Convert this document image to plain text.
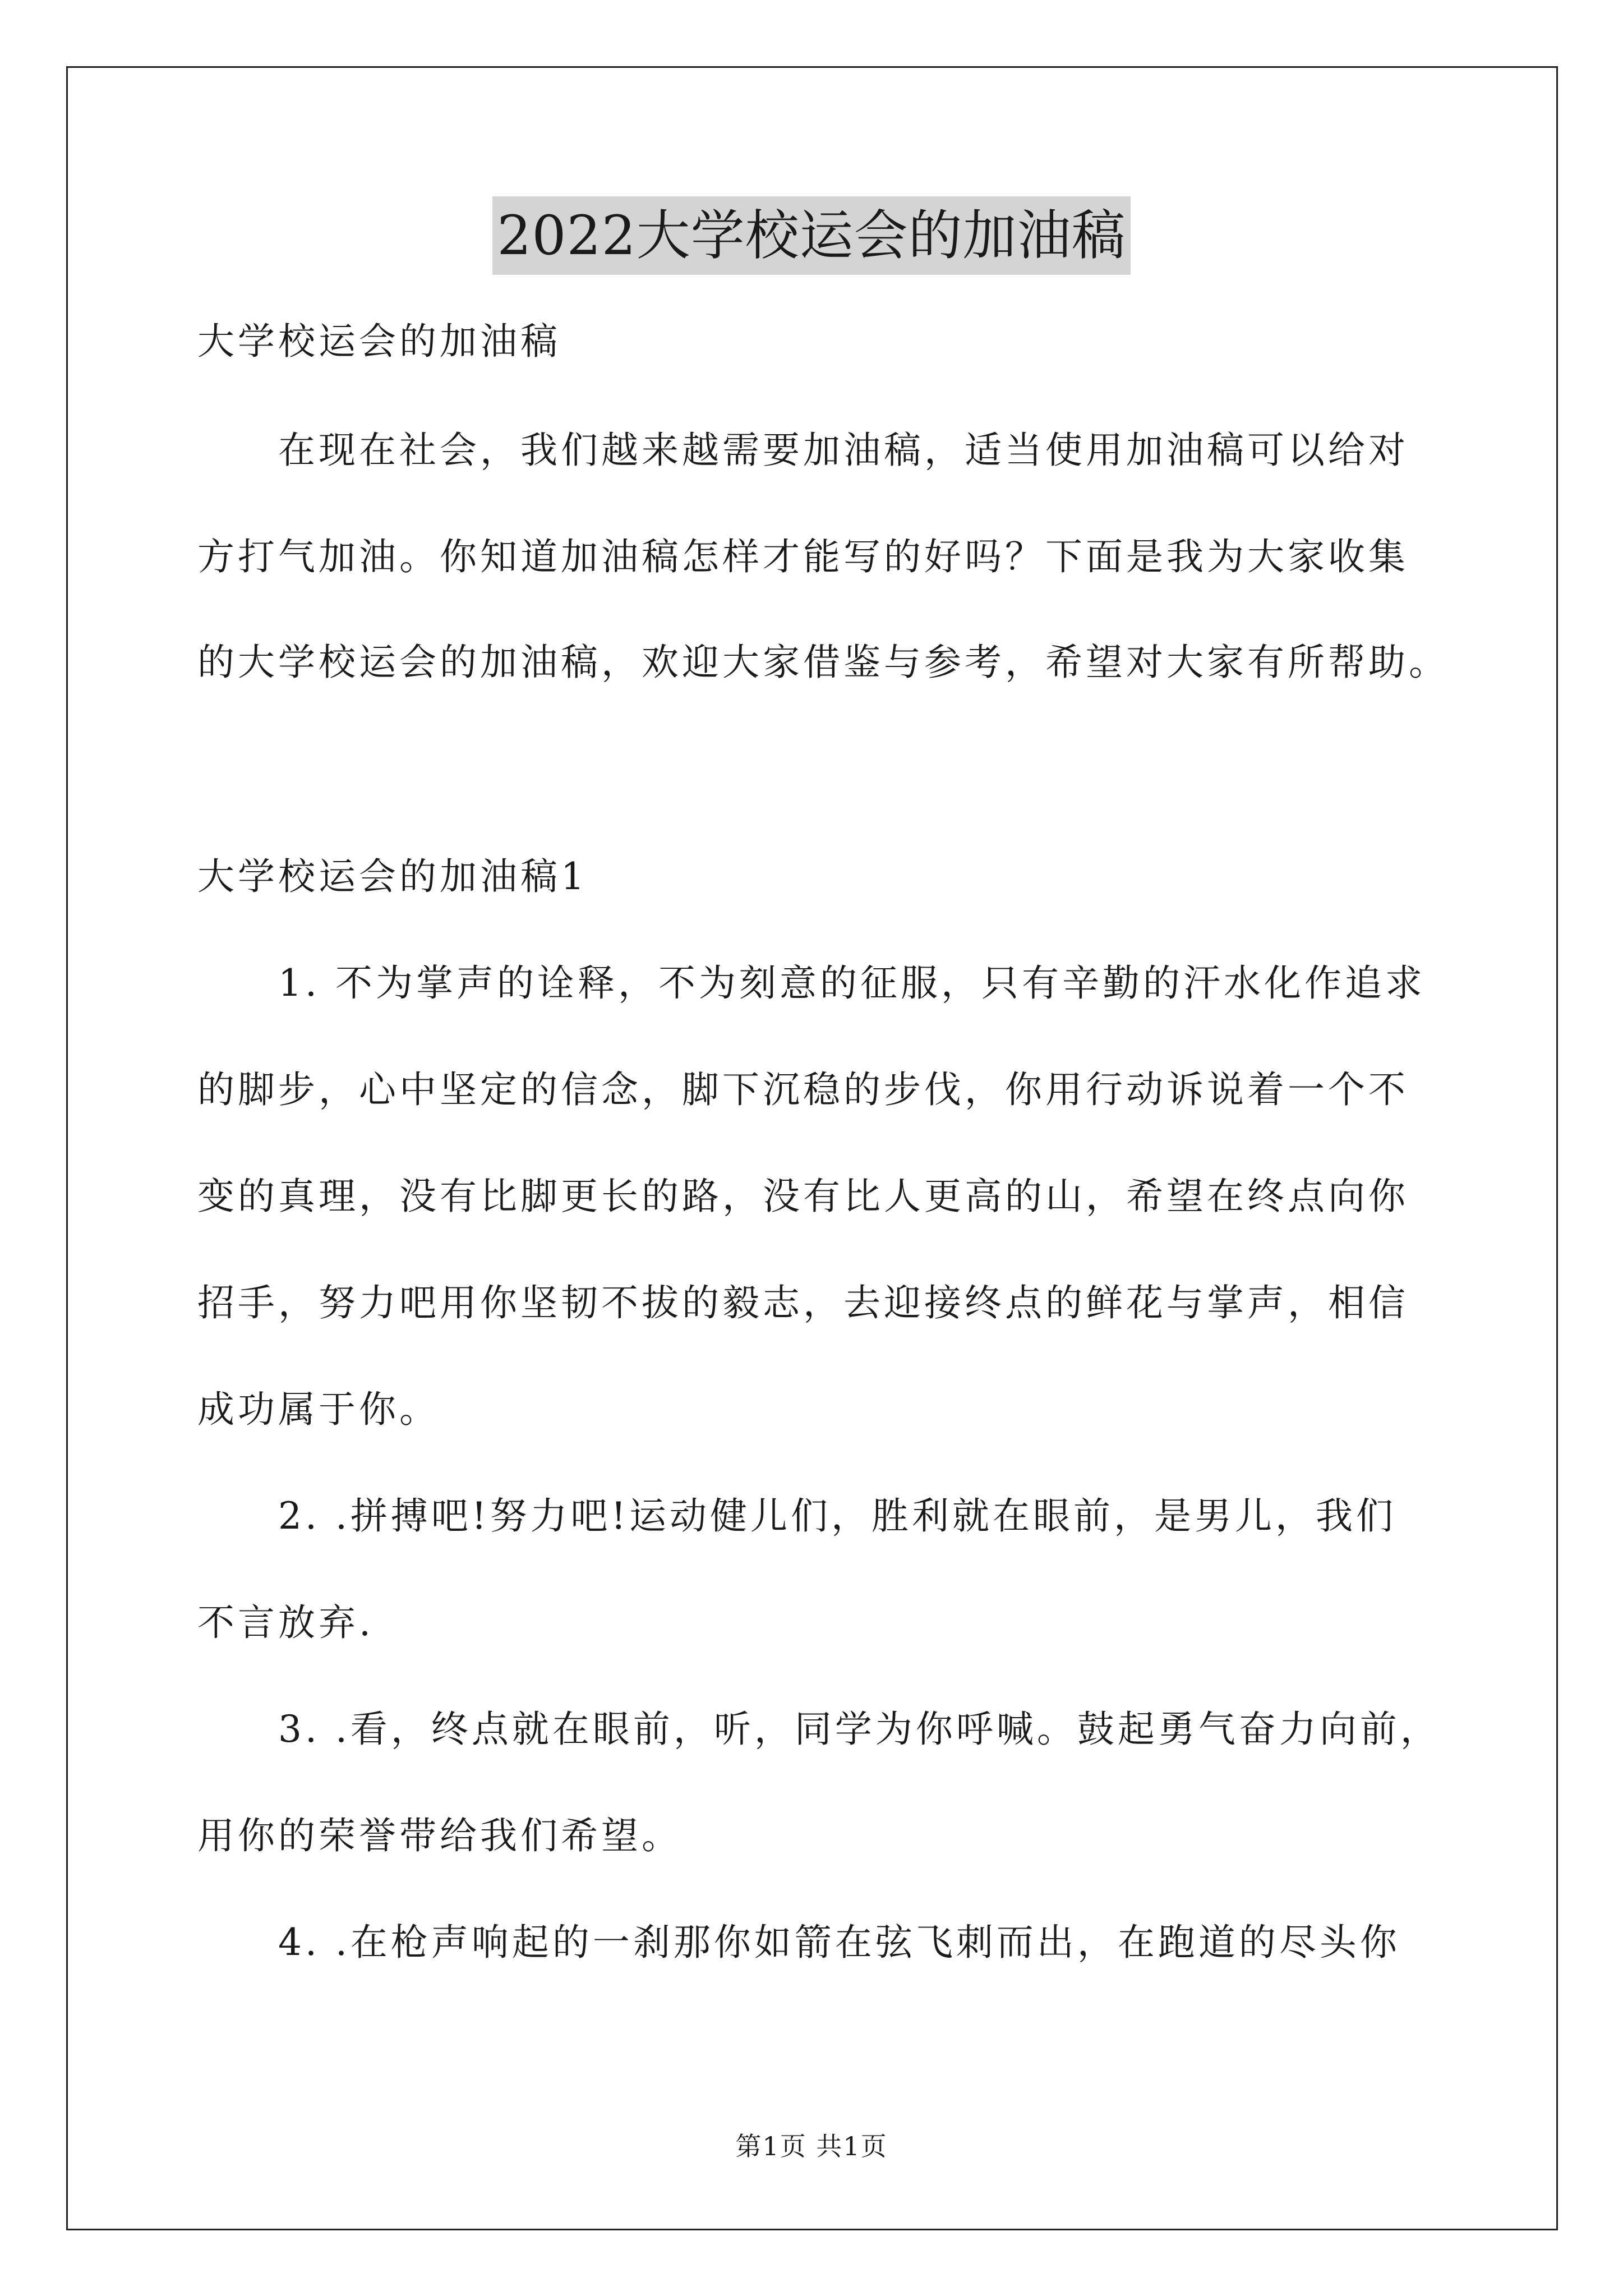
2022大学校运会的加油稿
大学校运会的加油稿
　　在现在社会，我们越来越需要加油稿，适当使用加油稿可以给对
方打气加油。你知道加油稿怎样才能写的好吗？下面是我为大家收集
的大学校运会的加油稿，欢迎大家借鉴与参考，希望对大家有所帮助。
大学校运会的加油稿1
　　1. 不为掌声的诠释，不为刻意的征服，只有辛勤的汗水化作追求
的脚步，心中坚定的信念，脚下沉稳的步伐，你用行动诉说着一个不
变的真理，没有比脚更长的路，没有比人更高的山，希望在终点向你
招手，努力吧用你坚韧不拔的毅志，去迎接终点的鲜花与掌声，相信
成功属于你。
　　2. .拼搏吧!努力吧!运动健儿们，胜利就在眼前，是男儿，我们
不言放弃.
　　3. .看，终点就在眼前，听，同学为你呼喊。鼓起勇气奋力向前，
用你的荣誉带给我们希望。
　　4. .在枪声响起的一刹那你如箭在弦飞刺而出，在跑道的尽头你
第1页 共1页
